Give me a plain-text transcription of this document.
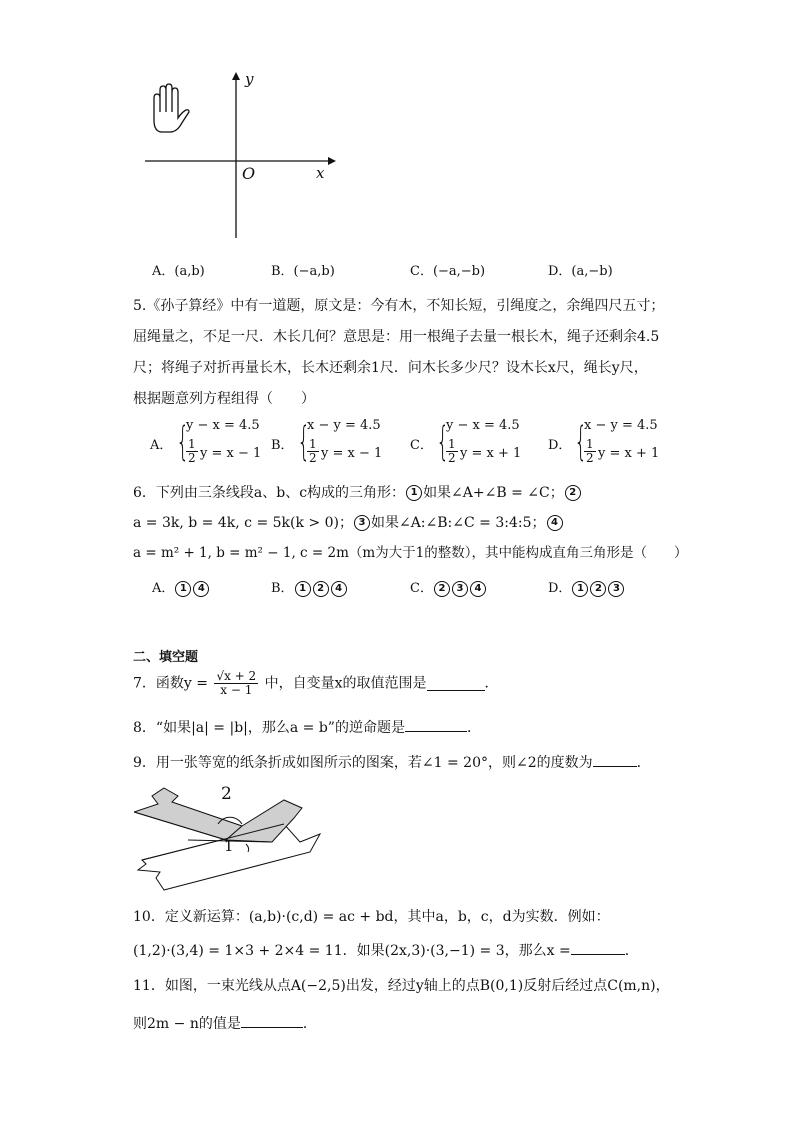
y
x
O
A．(a,b)	B．(−a,b)	C．(−a,−b)	D．(a,−b)
5.《孙子算经》中有一道题，原文是：今有木，不知长短，引绳度之，余绳四尺五寸；
屈绳量之，不足一尺．木长几何？意思是：用一根绳子去量一根长木，绳子还剩余4.5
尺；将绳子对折再量长木，长木还剩余1尺．问木长多少尺？设木长x尺，绳长y尺，
根据题意列方程组得（　　）
A． {
y − x = 4.5
$\frac{1}{2}$ y = x − 1
B． {
x − y = 4.5
$\frac{1}{2}$ y = x − 1
C． {
y − x = 4.5
$\frac{1}{2}$ y = x + 1
D． {
x − y = 4.5
$\frac{1}{2}$ y = x + 1
6．下列由三条线段a、b、c构成的三角形： 1 如果∠A+∠B = ∠C； 2
a = 3k, b = 4k, c = 5k(k > 0)； 3 如果∠A:∠B:∠C = 3:4:5； 4
a = m² + 1, b = m² − 1, c = 2m（m为大于1的整数），其中能构成直角三角形是（　　）
A． 1 4	B． 1 2 4	C． 2 3 4	D． 1 2 3
二、填空题
7．函数$y = \frac{√x + 2}{x - 1}$ 中，自变量x的取值范围是	．
8．“如果|a| = |b|，那么a = b”的逆命题是	．
9．用一张等宽的纸条折成如图所示的图案，若∠1 = 20°，则∠2的度数为	．
2
1
10．定义新运算：(a,b)·(c,d) = ac + bd，其中a，b，c，d为实数．例如：
(1,2)·(3,4) = 1×3 + 2×4 = 11．如果(2x,3)·(3,−1) = 3，那么x =	．
11．如图，一束光线从点A(−2,5)出发，经过y轴上的点B(0,1)反射后经过点C(m,n)，
则2m − n的值是	．
